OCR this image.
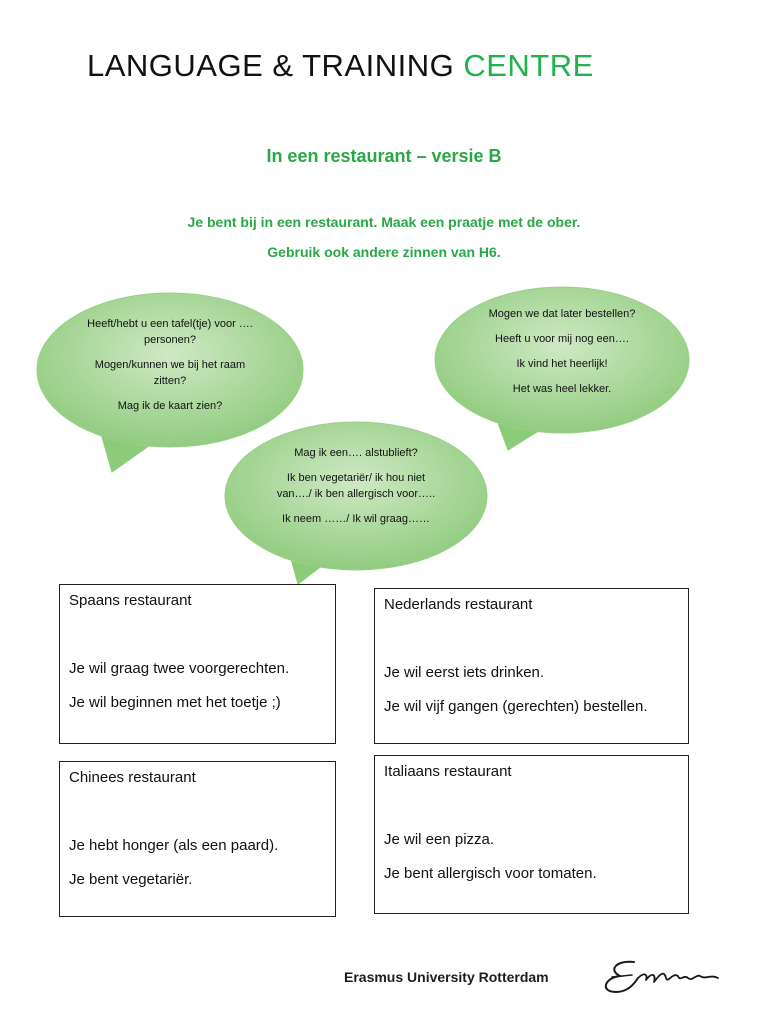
LANGUAGE & TRAINING CENTRE
In een restaurant – versie B
Je bent bij in een restaurant. Maak een praatje met de ober.
Gebruik ook andere zinnen van H6.

Heeft/hebt u een tafel(tje) voor …. personen?

Mogen/kunnen we bij het raam zitten?

Mag ik de kaart zien?

Mogen we dat later bestellen?

Heeft u voor mij nog een….

Ik vind het heerlijk!

Het was heel lekker.

Mag ik een…. alstublieft?

Ik ben vegetariër/ ik hou niet van…./ ik ben allergisch voor…..

Ik neem ……/ Ik wil graag……

Spaans restaurant
Je wil graag twee voorgerechten.
Je wil beginnen met het toetje ;)
Nederlands restaurant
Je wil eerst iets drinken.
Je wil vijf gangen (gerechten) bestellen.
Chinees restaurant
Je hebt honger (als een paard).
Je bent vegetariër.
Italiaans restaurant
Je wil een pizza.
Je bent allergisch voor tomaten.
Erasmus University Rotterdam
